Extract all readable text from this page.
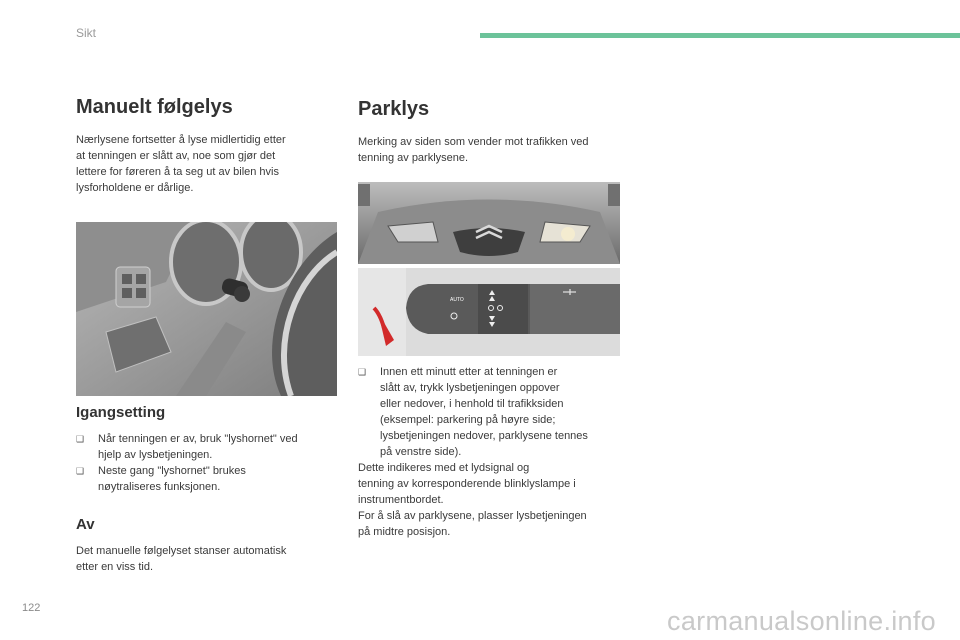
Sikt
Manuelt følgelys
Nærlysene fortsetter å lyse midlertidig etter
at tenningen er slått av, noe som gjør det
lettere for føreren å ta seg ut av bilen hvis
lysforholdene er dårlige.
Igangsetting
❑ Når tenningen er av, bruk "lyshornet" ved
hjelp av lysbetjeningen.
❑ Neste gang "lyshornet" brukes
nøytraliseres funksjonen.
Av
Det manuelle følgelyset stanser automatisk
etter en viss tid.
Parklys
Merking av siden som vender mot trafikken ved
tenning av parklysene.
AUTO
❑ Innen ett minutt etter at tenningen er
slått av, trykk lysbetjeningen oppover
eller nedover, i henhold til trafikksiden
(eksempel: parkering på høyre side;
lysbetjeningen nedover, parklysene tennes
på venstre side).
Dette indikeres med et lydsignal og
tenning av korresponderende blinklyslampe i
instrumentbordet.
For å slå av parklysene, plasser lysbetjeningen
på midtre posisjon.
122	carmanualsonline.info
